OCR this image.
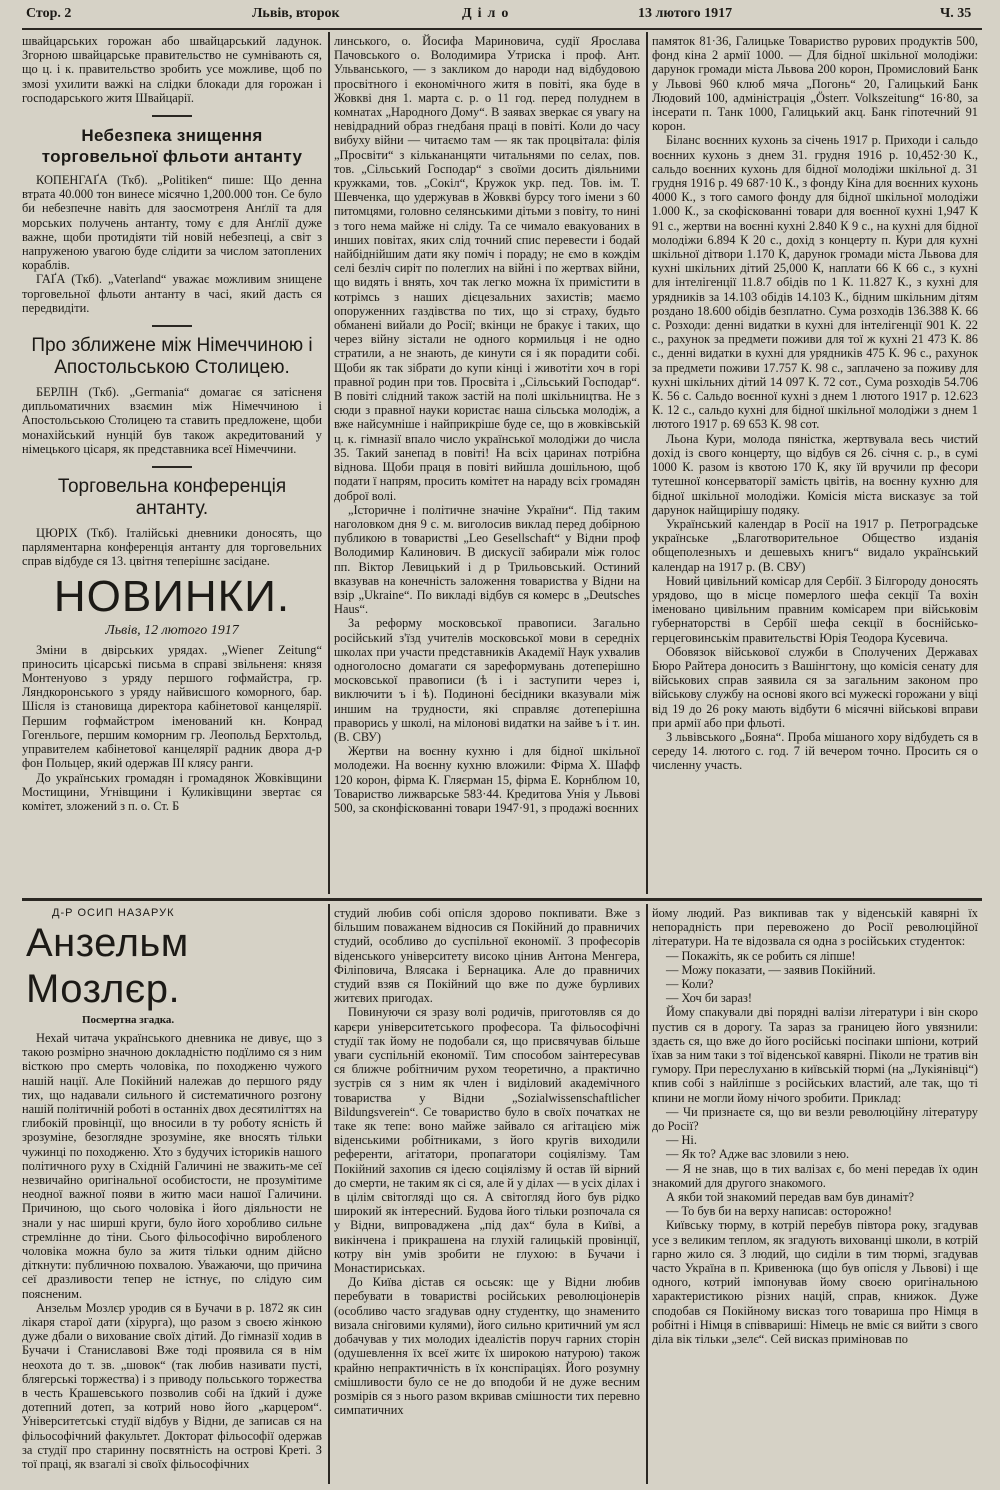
Стор. 2	Львів, второк	Діло	13 лютого 1917	Ч. 35

швайцарських горожан або швайцарський ладунок. Згорною швайцарське правительство не сумнівають ся, що ц. і к. правительство зробить усе можливе, щоб по змозі ухилити важкі на слідки блокади для горожан і господарського житя Швайцарії.

Небезпека знищення торговельної фльоти антанту

КОПЕНГАҐА (Ткб). „Politiken“ пише: Що денна втрата 40.000 тон винесе місячно 1,200.000 тон. Се було би небезпечне навіть для заосмотреня Анґлії та для морських получень антанту, тому є для Анґлії дуже важне, щоби протидіяти тій новій небезпеці, а світ з напруженою увагою буде слідити за числом затоплених кораблів.

ГАҐА (Ткб). „Vaterland“ уважає можливим знищене торговельної фльоти антанту в часі, який дасть ся передвидіти.

Про зближене між Німеччиною і Апостольською Столицею.

БЕРЛІН (Ткб). „Germania“ домагає ся затісненя дипльоматичних взаємин між Німеччиною і Апостольською Столицею та ставить предложене, щоби монахійський нунцій був також акредитований у німецького цісаря, як представника всеї Німеччини.

Торговельна конференція антанту.

ЦЮРІХ (Ткб). Італійські дневники доносять, що парляментарна конференція антанту для торговельних справ відбуде ся 13. цвітня теперішнє засідане.

НОВИНКИ.
Львів, 12 лютого 1917

Зміни в двірських урядах. „Wiener Zeitung“ приносить цісарські письма в справі звільненя: князя Монтенуово з уряду першого гофмайстра, гр. Ляндкоронського з уряду найвисшого коморного, бар. Шісля із становища директора кабінетової канцелярії. Першим гофмайстром іменований кн. Конрад Гогенльоге, першим коморним гр. Леопольд Берхтольд, управителем кабінетової канцелярії радник двора д-р фон Польцер, який одержав ІІІ клясу ранги.

До українських громадян і громадянок Жовківщини Мостищини, Угнівщини і Куликівщини звертає ся комітет, зложений з п. о. Ст. Б

линського, о. Йосифа Мариновича, судії Ярослава Пачовського о. Володимира Утриска і проф. Ант. Ульванського, — з закликом до народи над відбудовою просвітного і економічного житя в повіті, яка буде в Жовкві дня 1. марта с. р. о 11 год. перед полуднем в комнатах „Народного Дому“. В заявах зверкає ся увагу на невідрадний образ гнедбаня праці в повіті. Коли до часу вибуху війни — читаємо там — як так процвітала: філія „Просвіти“ з кількананцяти читальнями по селах, пов. тов. „Сільський Господар“ з своїми досить діяльними кружками, тов. „Сокіл“, Кружок укр. пед. Тов. ім. Т. Шевченка, що удержував в Жовкві бурсу того імени з 60 питомцями, головно селянськими дітьми з повіту, то нині з того нема майже ні сліду. Та се чимало евакуованих в инших повітах, яких слід точний спис перевести і бодай найбіднійшим дати яку поміч і пораду; не ємо в кождім селі безліч сиріт по полеглих на війні і по жертвах війни, що видять і внять, хоч так легко можна їх примістити в котрімсь з наших дієцезальних захистів; маємо опоруженних газдівства по тих, що зі страху, будьто обманені вийали до Росії; вкінци не бракує і таких, що через війну зістали не одного кормильця і не одно стратили, а не знають, де кинути ся і як порадити собі. Щоби як так зібрати до купи кінці і животіти хоч в горі правної родин при тов. Просвіта і „Сільський Господар“. В повіті слідний також застій на полі шкільництва. Не з сюди з правної науки користає наша сільська молодіж, а вже найсумніше і найприкріше буде се, що в жовківській ц. к. гімназії впало число української молодіжи до числа 35. Такий занепад в повіті! На всіх царинах потрібна відновa. Щоби праця в повіті вийшла дошільною, щоб подати ї напрям, просить комітет на нараду всіх громадян доброї волі.

„Історичне і політичне значіне України“. Під таким наголовком дня 9 с. м. виголосив виклад перед добірною публикою в товаристві „Leo Gesellschaft“ у Відни проф Володимир Калинович. В дискусії забирали між голос пп. Віктор Левицький і д р Трильовський. Остиний вказував на конечність заложення товариства у Відни на взір „Ukraine“. По викладі відбув ся комерс в „Deutsches Haus“.

За реформу московської правописи. Загально російський з'їзд учителів московської мови в середніх школах при участи представників Академії Наук ухвалив одноголосно домагати ся зареформувань дотеперішно московської правописи (ѣ і і заступити через і, виключити ъ і ѣ). Подиноні бесідники вказували між иншим на трудности, які справляє дотеперішна праворись у школі, на мілонові видатки на зайве ъ і т. ин. (В. СВУ)

Жертви на воєнну кухню і для бідної шкільної молодежи. На воєнну кухню вложили: Фірма Х. Шафф 120 корон, фірма К. Гляєрман 15, фірма Е. Корнблюм 10, Товариство лижварське 583·44. Кредитова Унія у Львові 500, за сконфіскованні товари 1947·91, з продажі воєнних

памяток 81·36, Галицьке Товариство рурових продуктів 500, фонд кіна 2 армії 1000. — Для бідної шкільної молодіжи: дарунок громади міста Львова 200 корон, Промисловий Банк у Львові 960 клюб мяча „Погонь“ 20, Галицький Банк Людовий 100, адміністрація „Österr. Volkszeitung“ 16·80, за інсерати п. Танк 1000, Галицький акц. Банк гіпотечний 91 корон.

Біланс воєнних кухонь за січень 1917 р. Приходи і сальдо воєнних кухонь з днем 31. грудня 1916 р. 10,452·30 К., сальдо воєнних кухонь для бідної молодіжи шкільної д. 31 грудня 1916 р. 49 687·10 К., з фонду Кіна для воєнних кухонь 4000 К., з того самого фонду для бідної шкільної молодіжи 1.000 К., за скофіскованні товари для воєнної кухні 1,947 К 91 с., жертви на воєнні кухні 2.840 К 9 с., на кухні для бідної молодіжи 6.894 К 20 с., дохід з концерту п. Кури для кухні шкільної дітвори 1.170 К, дарунок громади міста Львова для кухні шкільних дітий 25,000 К, наплати 66 К 66 с., з кухні для інтелігенції 11.8.7 обідів по 1 К. 11.827 К., з кухні для урядників за 14.103 обідів 14.103 К., бідним шкільним дітям роздано 18.600 обідів безплатно. Сума розходів 136.388 К. 66 с. Розходи: денні видатки в кухні для інтелігенції 901 К. 22 с., рахунок за предмети поживи для тої ж кухні 21 473 К. 86 с., денні видатки в кухні для урядників 475 К. 96 с., рахунок за предмети поживи 17.757 К. 98 с., заплачено за поживу для кухні шкільних дітий 14 097 К. 72 сот., Сума розходів 54.706 К. 56 с. Сальдо воєнної кухні з днем 1 лютого 1917 р. 12.623 К. 12 с., сальдо кухні для бідної шкільної молодіжи з днем 1 лютого 1917 р. 69 653 К. 98 сот.

Льона Кури, молода пяністка, жертвувала весь чистий дохід із свого концерту, що відбув ся 26. січня с. р., в сумі 1000 К. разом із квотою 170 К, яку їй вручили пр фесори тутешної консерваторії замість цвітів, на воєнну кухню для бідної шкільної молодіжи. Комісія міста висказує за той дарунок найщирішу подяку.

Український календар в Росії на 1917 р. Петроградське українське „Благотворительное Общество изданія общеполезныхъ и дешевыхъ книгъ“ видало український календар на 1917 р. (В. СВУ)

Новий цивільний комісар для Сербії. З Білгороду доносять урядово, що в місце померлого шефа секції Та вохін іменовано цивільним правним комісарем при військовім губернаторстві в Сербії шефа секції в боснійсько-герцеговинськім правительстві Юрія Теодора Кусевича.

Обовязок військової служби в Сполучених Державах Бюро Райтера доносить з Вашінгтону, що комісія сенату для військових справ заявила ся за загальним законом про військову службу на основі якого всі мужескі горожани у віці від 19 до 26 року мають відбути 6 місячні військові вправи при армії або при фльоті.

З львівського „Бояна“. Проба мішаного хору відбудеть ся в середу 14. лютого с. год. 7 ій вечером точно. Просить ся о численну участь.

Д-Р ОСИП НАЗАРУК
Анзельм Мозлєр.
Посмертна згадка.

Нехай читача українського дневника не дивує, що з такою розмірно значною докладністю подїлимо ся з ним вісткою про смерть чоловіка, по походженю чужого нашій нації. Але Покійний належав до першого ряду тих, що надавали сильного й систематичного розгону нашій політичній роботі в останніх двох десятиліттях на глибокій провінції, що вносили в ту роботу ясність й зрозуміне, безоглядне зрозуміне, яке вносять тільки чужинці по походженю. Хто з будучих істориків нашого політичного руху в Східній Галичині не зважить-ме сеї незвичайно оригінальної особистости, не прозумітиме неодної важної появи в житю маси нашої Галичини. Причиною, що сього чоловіка і його діяльности не знали у нас ширші круги, було його хоробливо сильне стремлінне до тіни. Сього фільософічно виробленого чоловіка можна було за житя тільки одним дійсно діткнути: публичною похвалою. Уважаючи, що причина сеї дразливости тепер не істнує, по слідую сим поясненим.

Анзельм Мозлєр уродив ся в Бучачи в р. 1872 як син лікаря старої дати (хірурга), що разом з своєю жінкою дуже дбали о вихование своїх дітий. До гімназії ходив в Бучачи і Станиславові Вже тоді проявила ся в нім неохота до т. зв. „шовок“ (так любив називати пусті, блягерські торжества) і з приводу польського торжества в честь Крашевського позволив собі на їдкий і дуже дотепний дотеп, за котрий ново його „карцером“. Університетські студії відбув у Відни, де записав ся на фільософічний факультет. Докторат фільософії одержав за студії про старинну посвятність на острові Креті. З тої праці, як взагалі зі своїх фільософічних

студий любив собі опісля здорово покпивати. Вже з більшим поважанем відносив ся Покійний до правничих студий, особливо до суспільної економії. З професорів віденського університету високо цінив Антона Менгера, Філіповича, Влясака і Бернацика. Але до правничих студий взяв ся Покійний що вже по дуже бурливих житєвих пригодах.

Повинуючи ся зразу волі родичів, приготовляв ся до карєри університетського професора. Та фільософічні студії так йому не подобали ся, що присвячував більше уваги суспільній економії. Тим способом заінтересував ся ближче робітничим рухом теоретично, а практично зустрів ся з ним як член і виділовий академічного товариства у Відни „Sozialwissenschaftlicher Bildungsverein“. Се товариство було в своїх початках не таке як тепе: воно майже зайвало ся агітацією між віденськими робітниками, з його кругів виходили референти, агітатори, пропагатори соціялізму. Там Покійний захопив ся ідеєю соціялізму й остав їй вірний до смерти, не таким як сі ся, але й у ділах — в усіх ділах і в цілім світогляді що ся. А світогляд його був рідко широкий як інтересний. Будова його тільки розпочала ся у Відни, випроваджена „під дах“ була в Київі, а викінчена і прикрашена на глухій галицькій провінції, котру він умів зробити не глухою: в Бучачи і Монастириськах.

До Київа дістав ся осьсяк: ще у Відни любив перебувати в товаристві російських революціонерів (особливо часто згадував одну студентку, що знаменито визала сніговими кулями), його сильно критичний ум ясл добачував у тих молодих ідеалістів поруч гарних сторін (одушевлення їх всеї житє їх широкою натурою) також крайню непрактичність в їх конспіраціях. Його розумну смішливости було се не до вподоби й не дуже весним розмірів ся з нього разом вкривав смішности тих перевно симпатичних

йому людий. Раз викпивав так у віденській кавярні їх непорадність при перевожено до Росії революційної літератури. На те відозвала ся одна з російських студенток:

— Покажіть, як се робить ся ліпше!

— Можу показати, — заявив Покійний.

— Коли?

— Хоч би зараз!

Йому спакували дві порядні валізи літератури і він скоро пустив ся в дорогу. Та зараз за границею його увязнили: здаєть ся, що вже до його російські посіпаки шпіони, котрий їхав за ним таки з тої віденської кавярні. Піколи не тратив він гумору. При переслуханю в київській тюрмі (на „Лукіянівці“) кпив собі з найліпше з російських властий, але так, що ті кпини не могли йому нічого зробити. Приклад:

— Чи признаєте ся, що ви везли революційну літературу до Росії?

— Ні.

— Як то? Адже вас зловили з нею.

— Я не знав, що в тих валізах є, бо мені передав їх один знакомий для другого знакомого.

А якби той знакомий передав вам був динаміт?

— То був би на верху написав: осторожно!

Київську тюрму, в котрій перебув півтора року, згадував усе з великим теплом, як згадують вихованці школи, в котрій гарно жило ся. З людий, що сиділи в тим тюрмі, згадував часто Україна в п. Кривенюка (що був опісля у Львові) і ще одного, котрий імпонував йому своєю оригінальною характеристикою різних націй, справ, книжок. Дуже сподобав ся Покійному висказ того товариша про Німця в робітні і Німця в співвариші: Німець не вміє ся вийти з свого діла вік тільки „зелє“. Сей висказ приміновав по
